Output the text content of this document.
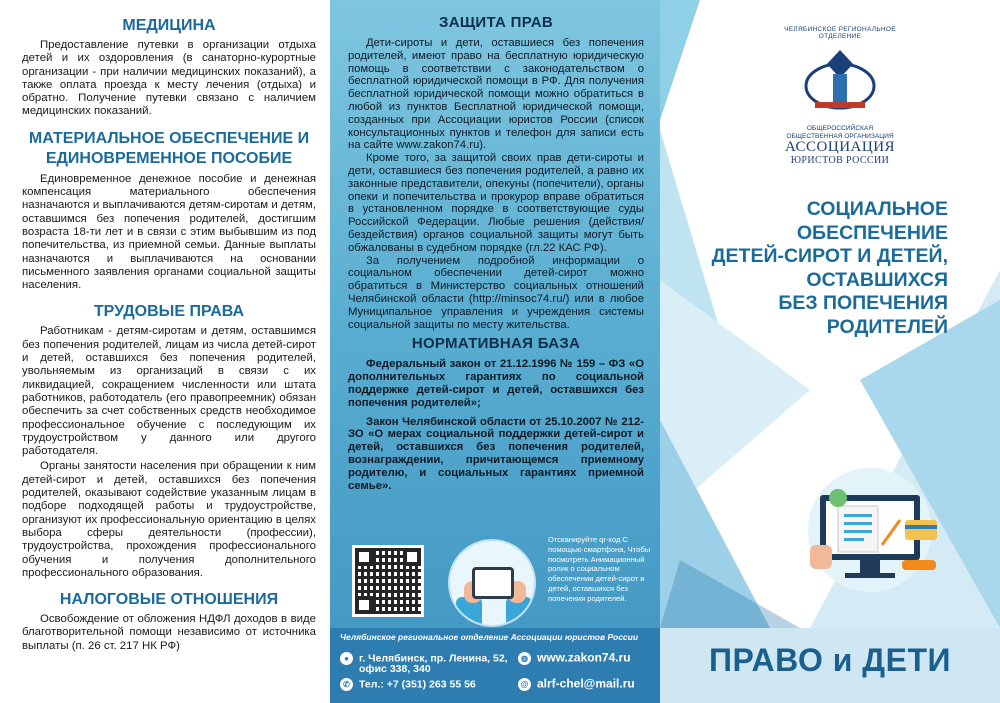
МЕДИЦИНА

Предоставление путевки в организации отдыха детей и их оздоровления (в санаторно-курортные организации - при наличии медицинских показаний), а также оплата проезда к месту лечения (отдыха) и обратно. Получение путевки связано с наличием медицинских показаний.

МАТЕРИАЛЬНОЕ ОБЕСПЕЧЕНИЕ И ЕДИНОВРЕМЕННОЕ ПОСОБИЕ

Единовременное денежное пособие и денежная компенсация материального обеспечения назначаются и выплачиваются детям-сиротам и детям, оставшимся без попечения родителей, достигшим возраста 18-ти лет и в связи с этим выбывшим из под попечительства, из приемной семьи. Данные выплаты назначаются и выплачиваются на основании письменного заявления органами социальной защиты населения.

ТРУДОВЫЕ ПРАВА

Работникам - детям-сиротам и детям, оставшимся без попечения родителей, лицам из числа детей-сирот и детей, оставшихся без попечения родителей, увольняемым из организаций в связи с их ликвидацией, сокращением численности или штата работников, работодатель (его правопреемник) обязан обеспечить за счет собственных средств необходимое профессиональное обучение с последующим их трудоустройством у данного или другого работодателя.

Органы занятости населения при обращении к ним детей-сирот и детей, оставшихся без попечения родителей, оказывают содействие указанным лицам в подборе подходящей работы и трудоустройстве, организуют их профессиональную ориентацию в целях выбора сферы деятельности (профессии), трудоустройства, прохождения профессионального обучения и получения дополнительного профессионального образования.

НАЛОГОВЫЕ ОТНОШЕНИЯ

Освобождение от обложения НДФЛ доходов в виде благотворительной помощи независимо от источника выплаты (п. 26 ст. 217 НК РФ)

ЗАЩИТА ПРАВ

Дети-сироты и дети, оставшиеся без попечения родителей, имеют право на бесплатную юридическую помощь в соответствии с законодательством о бесплатной юридической помощи в РФ. Для получения бесплатной юридической помощи можно обратиться в любой из пунктов Бесплатной юридической помощи, созданных при Ассоциации юристов России (список консультационных пунктов и телефон для записи есть на сайте www.zakon74.ru).

Кроме того, за защитой своих прав дети-сироты и дети, оставшиеся без попечения родителей, а равно их законные представители, опекуны (попечители), органы опеки и попечительства и прокурор вправе обратиться в установленном порядке в соответствующие суды Российской Федерации. Любые решения (действия/бездействия) органов социальной защиты могут быть обжалованы в судебном порядке (гл.22 КАС РФ).

За получением подробной информации о социальном обеспечении детей-сирот можно обратиться в Министерство социальных отношений Челябинской области (http://minsoc74.ru/) или в любое Муниципальное управления и учреждения системы социальной защиты по месту жительства.

НОРМАТИВНАЯ БАЗА

Федеральный закон от 21.12.1996 № 159 – ФЗ «О дополнительных гарантиях по социальной поддержке детей-сирот и детей, оставшихся без попечения родителей»;

Закон Челябинской области от 25.10.2007 № 212-ЗО «О мерах социальной поддержки детей-сирот и детей, оставшихся без попечения родителей, вознаграждении, причитающемся приемному родителю, и социальных гарантиях приемной семье».

Отсканируйте qr-код С помощью смартфона, Чтобы посмотреть Анимационный ролик о социальном обеспечении детей-сирот и детей, оставшихся без попечения родителей.
Челябинское региональное отделение Ассоциации юристов России
● г. Челябинск, пр. Ленина, 52,
офис 338, 340
✆ Тел.: +7 (351) 263 55 56
◍ www.zakon74.ru
@ alrf-chel@mail.ru
ЧЕЛЯБИНСКОЕ РЕГИОНАЛЬНОЕ
ОТДЕЛЕНИЕ
ОБЩЕРОССИЙСКАЯ
ОБЩЕСТВЕННАЯ ОРГАНИЗАЦИЯ
АССОЦИАЦИЯ
ЮРИСТОВ РОССИИ
СОЦИАЛЬНОЕ
ОБЕСПЕЧЕНИЕ
ДЕТЕЙ-СИРОТ И ДЕТЕЙ,
ОСТАВШИХСЯ
БЕЗ ПОПЕЧЕНИЯ
РОДИТЕЛЕЙ
ПРАВО и ДЕТИ
